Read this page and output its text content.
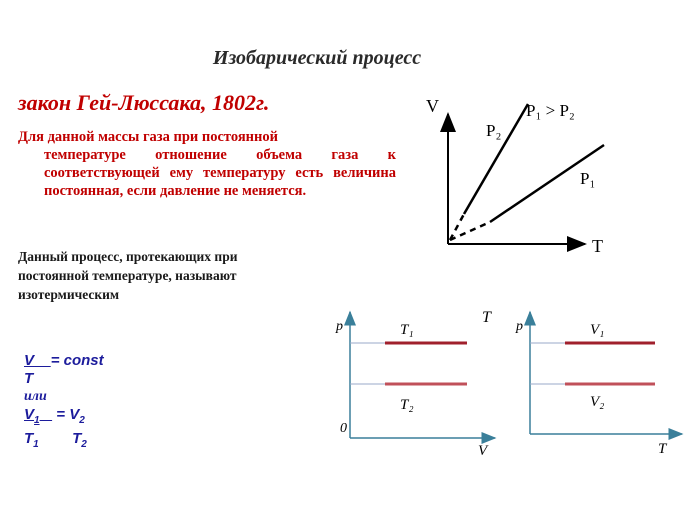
Изобарический процесс
закон Гей-Люссака, 1802г.
Для данной массы газа при постоянной
температуре отношение объема газа к соответствующей ему температуру есть величина постоянная, если давление не меняется.
Данный процесс, протекающих при постоянной температуре, называют изотермическим
V = const
T
или
$V_1 = V_2$
$T_1$ $T_2$
V
T
P₁ > P₂
P₂
P₁
p
T
0
V
T₁
T₂
p
T
V₁
V₂
